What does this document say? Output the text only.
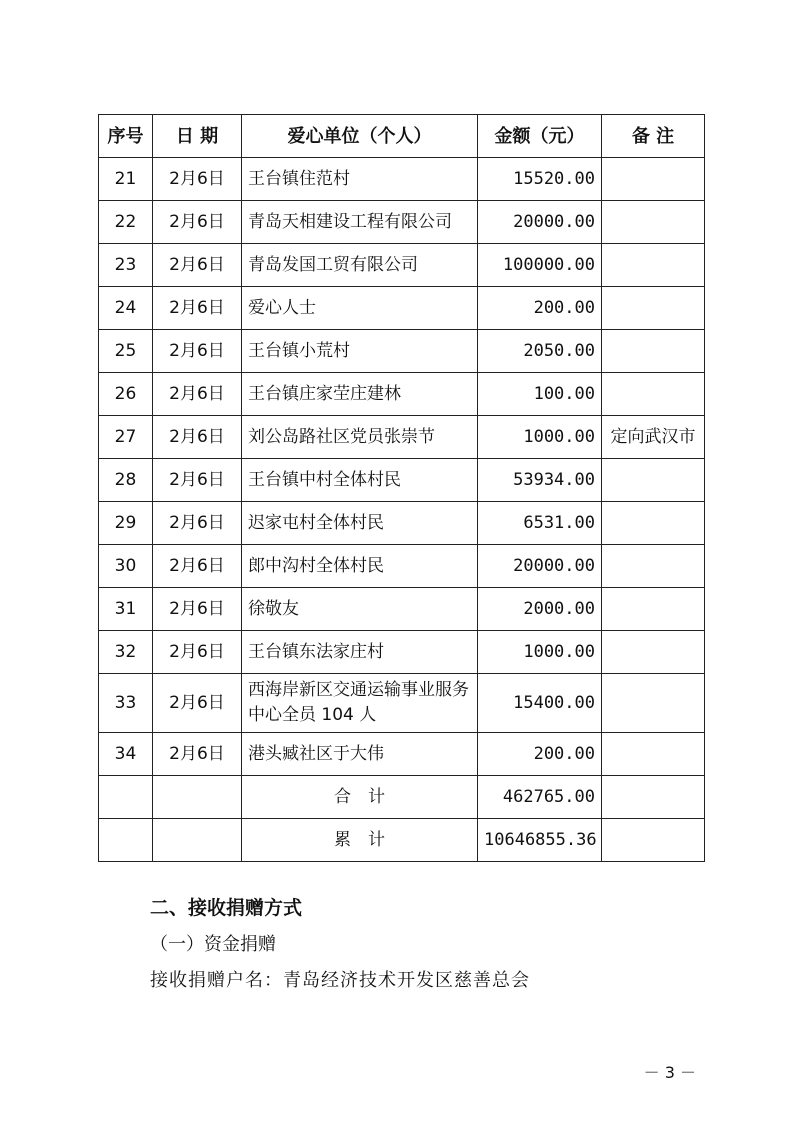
序号	日 期	爱心单位（个人）	金额（元）	备 注
21	2月6日	王台镇住范村	15520.00	
22	2月6日	青岛天相建设工程有限公司	20000.00	
23	2月6日	青岛发国工贸有限公司	100000.00	
24	2月6日	爱心人士	200.00	
25	2月6日	王台镇小荒村	2050.00	
26	2月6日	王台镇庄家茔庄建林	100.00	
27	2月6日	刘公岛路社区党员张崇节	1000.00	定向武汉市
28	2月6日	王台镇中村全体村民	53934.00	
29	2月6日	迟家屯村全体村民	6531.00	
30	2月6日	郎中沟村全体村民	20000.00	
31	2月6日	徐敬友	2000.00	
32	2月6日	王台镇东法家庄村	1000.00	
33	2月6日	西海岸新区交通运输事业服务中心全员 104 人	15400.00	
34	2月6日	港头臧社区于大伟	200.00	
		合　计	462765.00	
		累　计	10646855.36	
二、接收捐赠方式
（一）资金捐赠
接收捐赠户名：青岛经济技术开发区慈善总会
－ 3 －
